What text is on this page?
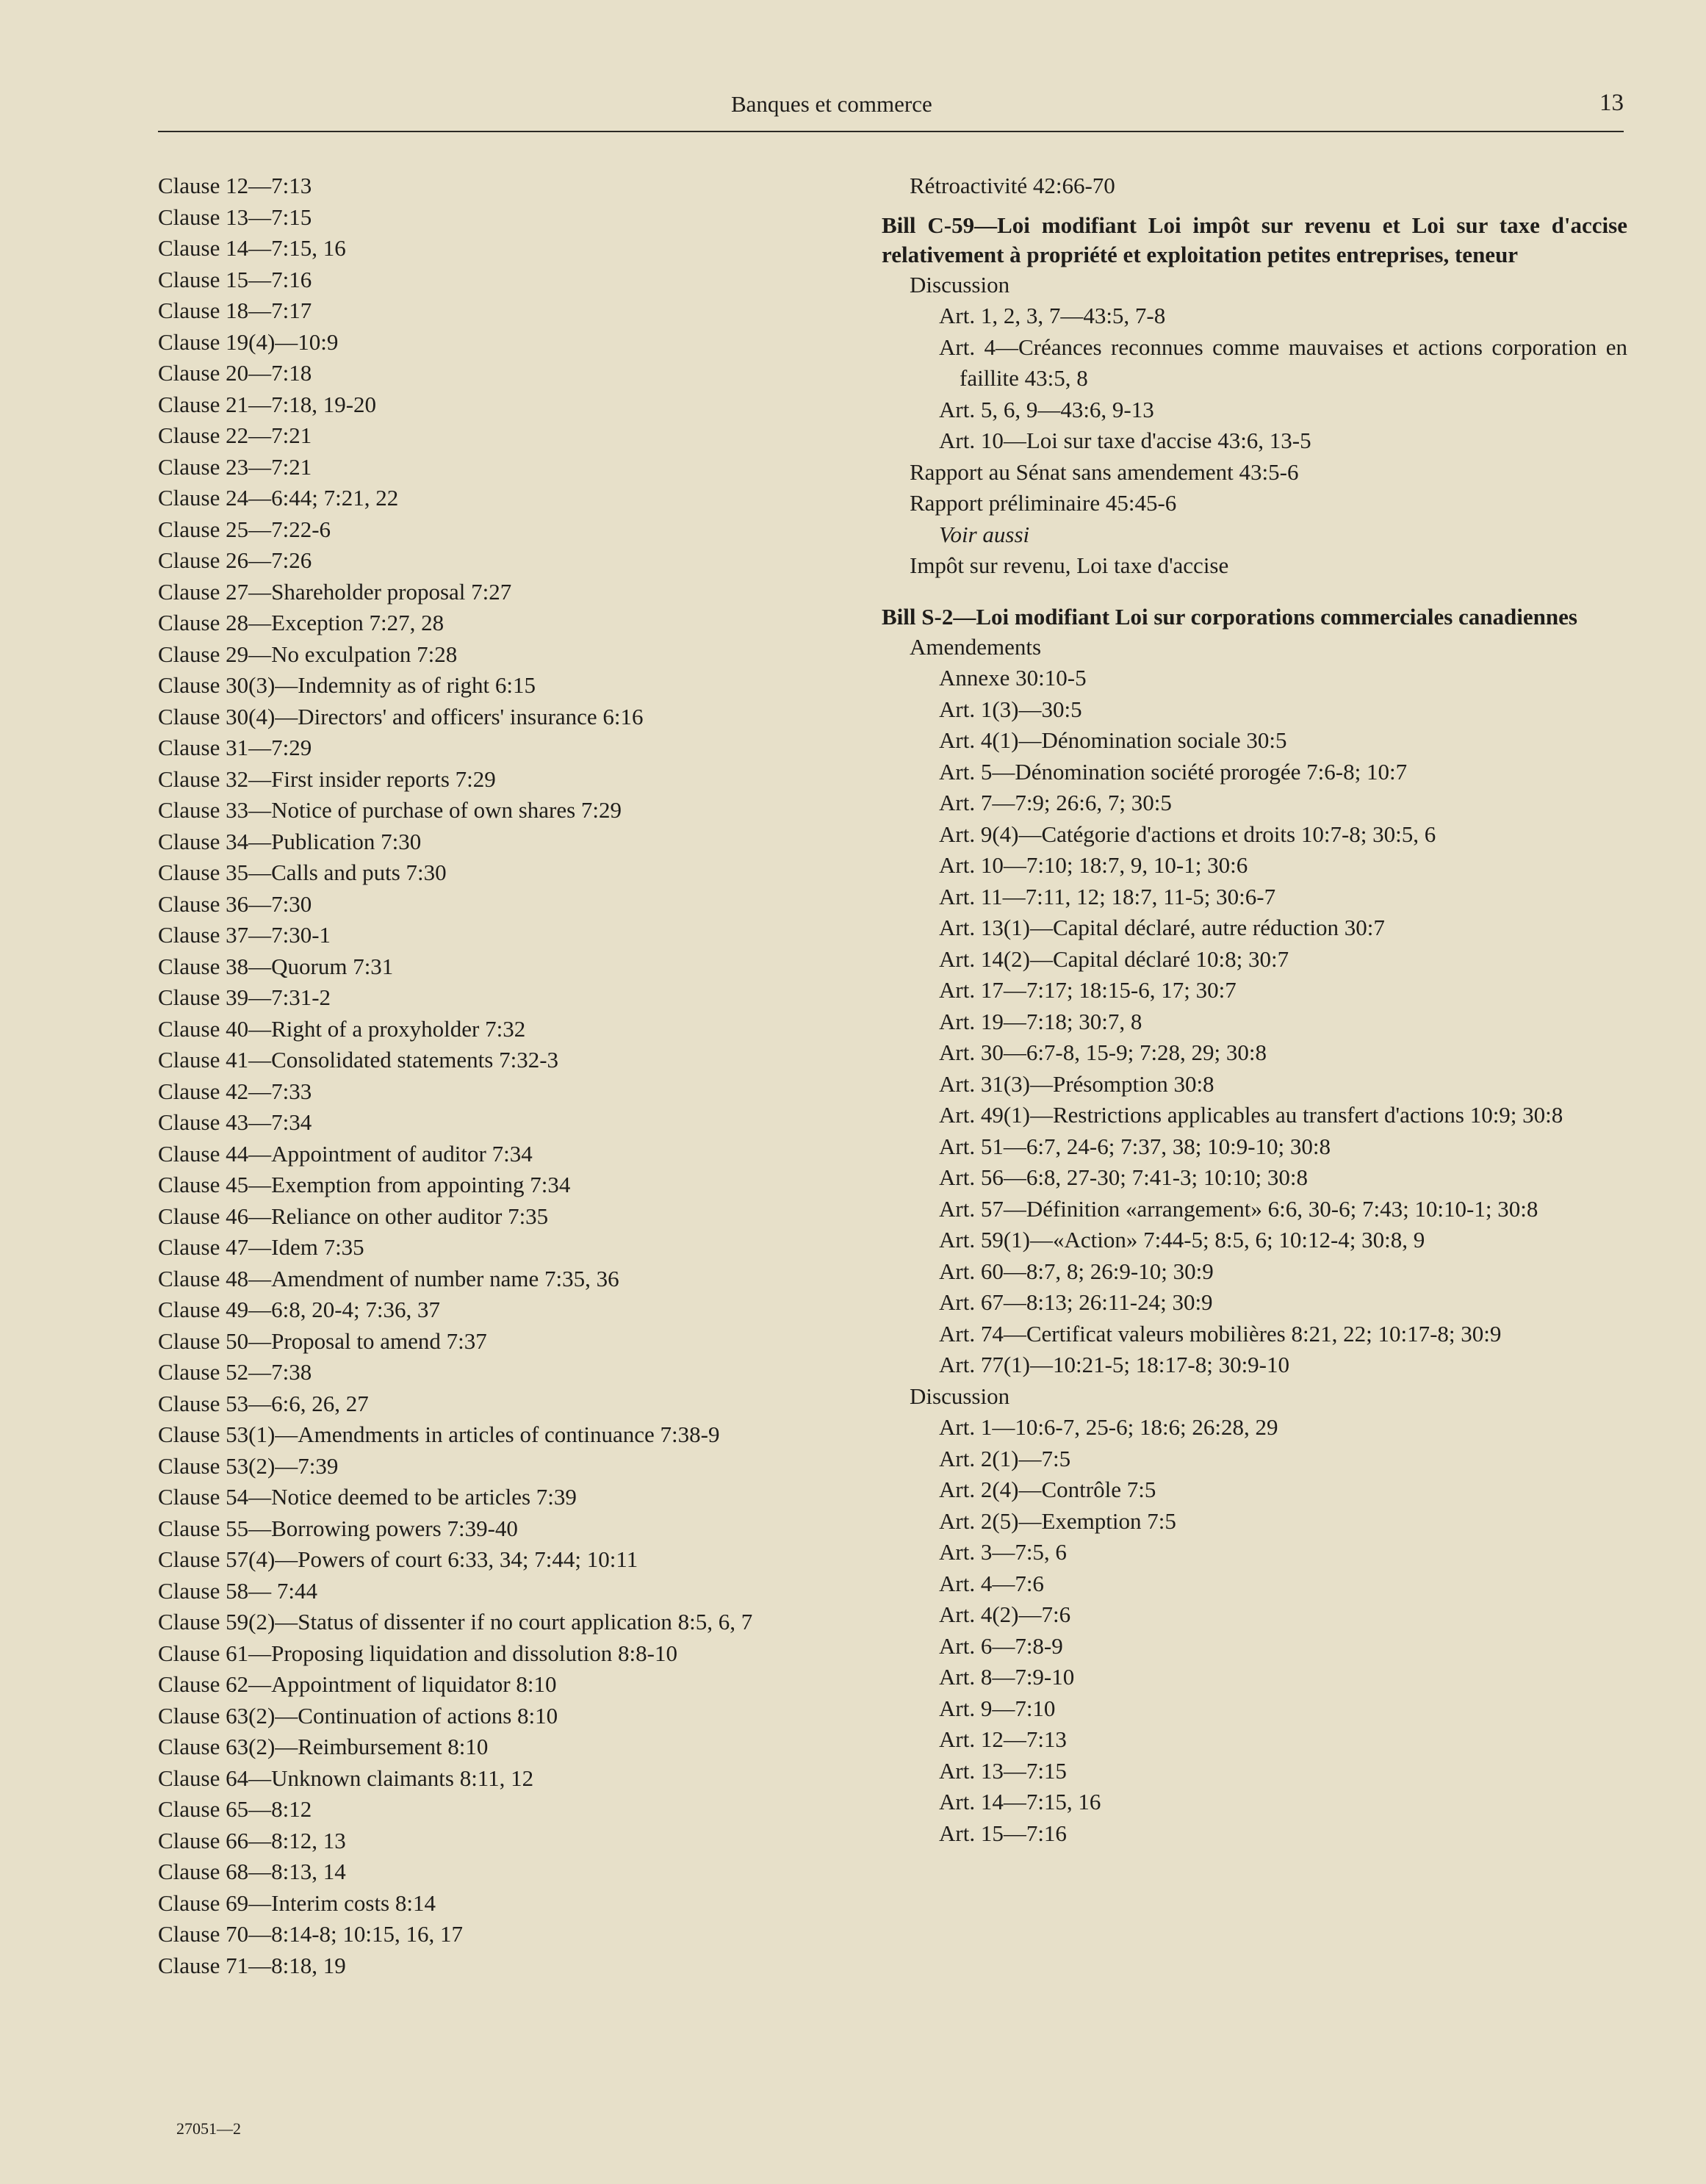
Banques et commerce	13
Clause 12—7:13
Clause 13—7:15
Clause 14—7:15, 16
Clause 15—7:16
Clause 18—7:17
Clause 19(4)—10:9
Clause 20—7:18
Clause 21—7:18, 19-20
Clause 22—7:21
Clause 23—7:21
Clause 24—6:44; 7:21, 22
Clause 25—7:22-6
Clause 26—7:26
Clause 27—Shareholder proposal 7:27
Clause 28—Exception 7:27, 28
Clause 29—No exculpation 7:28
Clause 30(3)—Indemnity as of right 6:15
Clause 30(4)—Directors' and officers' insurance 6:16
Clause 31—7:29
Clause 32—First insider reports 7:29
Clause 33—Notice of purchase of own shares 7:29
Clause 34—Publication 7:30
Clause 35—Calls and puts 7:30
Clause 36—7:30
Clause 37—7:30-1
Clause 38—Quorum 7:31
Clause 39—7:31-2
Clause 40—Right of a proxyholder 7:32
Clause 41—Consolidated statements 7:32-3
Clause 42—7:33
Clause 43—7:34
Clause 44—Appointment of auditor 7:34
Clause 45—Exemption from appointing 7:34
Clause 46—Reliance on other auditor 7:35
Clause 47—Idem 7:35
Clause 48—Amendment of number name 7:35, 36
Clause 49—6:8, 20-4; 7:36, 37
Clause 50—Proposal to amend 7:37
Clause 52—7:38
Clause 53—6:6, 26, 27
Clause 53(1)—Amendments in articles of continuance 7:38-9
Clause 53(2)—7:39
Clause 54—Notice deemed to be articles 7:39
Clause 55—Borrowing powers 7:39-40
Clause 57(4)—Powers of court 6:33, 34; 7:44; 10:11
Clause 58— 7:44
Clause 59(2)—Status of dissenter if no court application 8:5, 6, 7
Clause 61—Proposing liquidation and dissolution 8:8-10
Clause 62—Appointment of liquidator 8:10
Clause 63(2)—Continuation of actions 8:10
Clause 63(2)—Reimbursement 8:10
Clause 64—Unknown claimants 8:11, 12
Clause 65—8:12
Clause 66—8:12, 13
Clause 68—8:13, 14
Clause 69—Interim costs 8:14
Clause 70—8:14-8; 10:15, 16, 17
Clause 71—8:18, 19
Rétroactivité 42:66-70
Bill C-59—Loi modifiant Loi impôt sur revenu et Loi sur taxe d'accise relativement à propriété et exploitation petites entreprises, teneur
Discussion
Art. 1, 2, 3, 7—43:5, 7-8
Art. 4—Créances reconnues comme mauvaises et actions corporation en faillite 43:5, 8
Art. 5, 6, 9—43:6, 9-13
Art. 10—Loi sur taxe d'accise 43:6, 13-5
Rapport au Sénat sans amendement 43:5-6
Rapport préliminaire 45:45-6
Voir aussi
Impôt sur revenu, Loi taxe d'accise
Bill S-2—Loi modifiant Loi sur corporations commerciales canadiennes
Amendements
Annexe 30:10-5
Art. 1(3)—30:5
Art. 4(1)—Dénomination sociale 30:5
Art. 5—Dénomination société prorogée 7:6-8; 10:7
Art. 7—7:9; 26:6, 7; 30:5
Art. 9(4)—Catégorie d'actions et droits 10:7-8; 30:5, 6
Art. 10—7:10; 18:7, 9, 10-1; 30:6
Art. 11—7:11, 12; 18:7, 11-5; 30:6-7
Art. 13(1)—Capital déclaré, autre réduction 30:7
Art. 14(2)—Capital déclaré 10:8; 30:7
Art. 17—7:17; 18:15-6, 17; 30:7
Art. 19—7:18; 30:7, 8
Art. 30—6:7-8, 15-9; 7:28, 29; 30:8
Art. 31(3)—Présomption 30:8
Art. 49(1)—Restrictions applicables au transfert d'actions 10:9; 30:8
Art. 51—6:7, 24-6; 7:37, 38; 10:9-10; 30:8
Art. 56—6:8, 27-30; 7:41-3; 10:10; 30:8
Art. 57—Définition «arrangement» 6:6, 30-6; 7:43; 10:10-1; 30:8
Art. 59(1)—«Action» 7:44-5; 8:5, 6; 10:12-4; 30:8, 9
Art. 60—8:7, 8; 26:9-10; 30:9
Art. 67—8:13; 26:11-24; 30:9
Art. 74—Certificat valeurs mobilières 8:21, 22; 10:17-8; 30:9
Art. 77(1)—10:21-5; 18:17-8; 30:9-10
Discussion
Art. 1—10:6-7, 25-6; 18:6; 26:28, 29
Art. 2(1)—7:5
Art. 2(4)—Contrôle 7:5
Art. 2(5)—Exemption 7:5
Art. 3—7:5, 6
Art. 4—7:6
Art. 4(2)—7:6
Art. 6—7:8-9
Art. 8—7:9-10
Art. 9—7:10
Art. 12—7:13
Art. 13—7:15
Art. 14—7:15, 16
Art. 15—7:16
27051—2
